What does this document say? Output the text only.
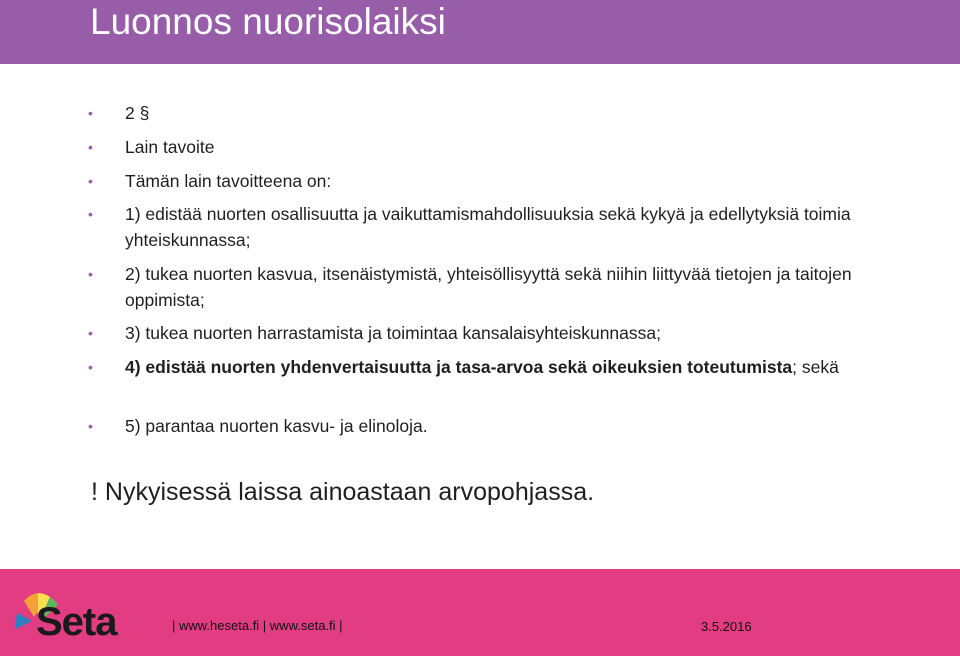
Luonnos nuorisolaiksi
• 2 §
• Lain tavoite
• Tämän lain tavoitteena on:
• 1) edistää nuorten osallisuutta ja vaikuttamismahdollisuuksia sekä kykyä ja edellytyksiä toimia yhteiskunnassa;
• 2) tukea nuorten kasvua, itsenäistymistä, yhteisöllisyyttä sekä niihin liittyvää tietojen ja taitojen oppimista;
• 3) tukea nuorten harrastamista ja toimintaa kansalaisyhteiskunnassa;
• 4) edistää nuorten yhdenvertaisuutta ja tasa-arvoa sekä oikeuksien toteutumista; sekä
• 5) parantaa nuorten kasvu- ja elinoloja.
! Nykyisessä laissa ainoastaan arvopohjassa.
Seta	| www.heseta.fi | www.seta.fi |	3.5.2016
